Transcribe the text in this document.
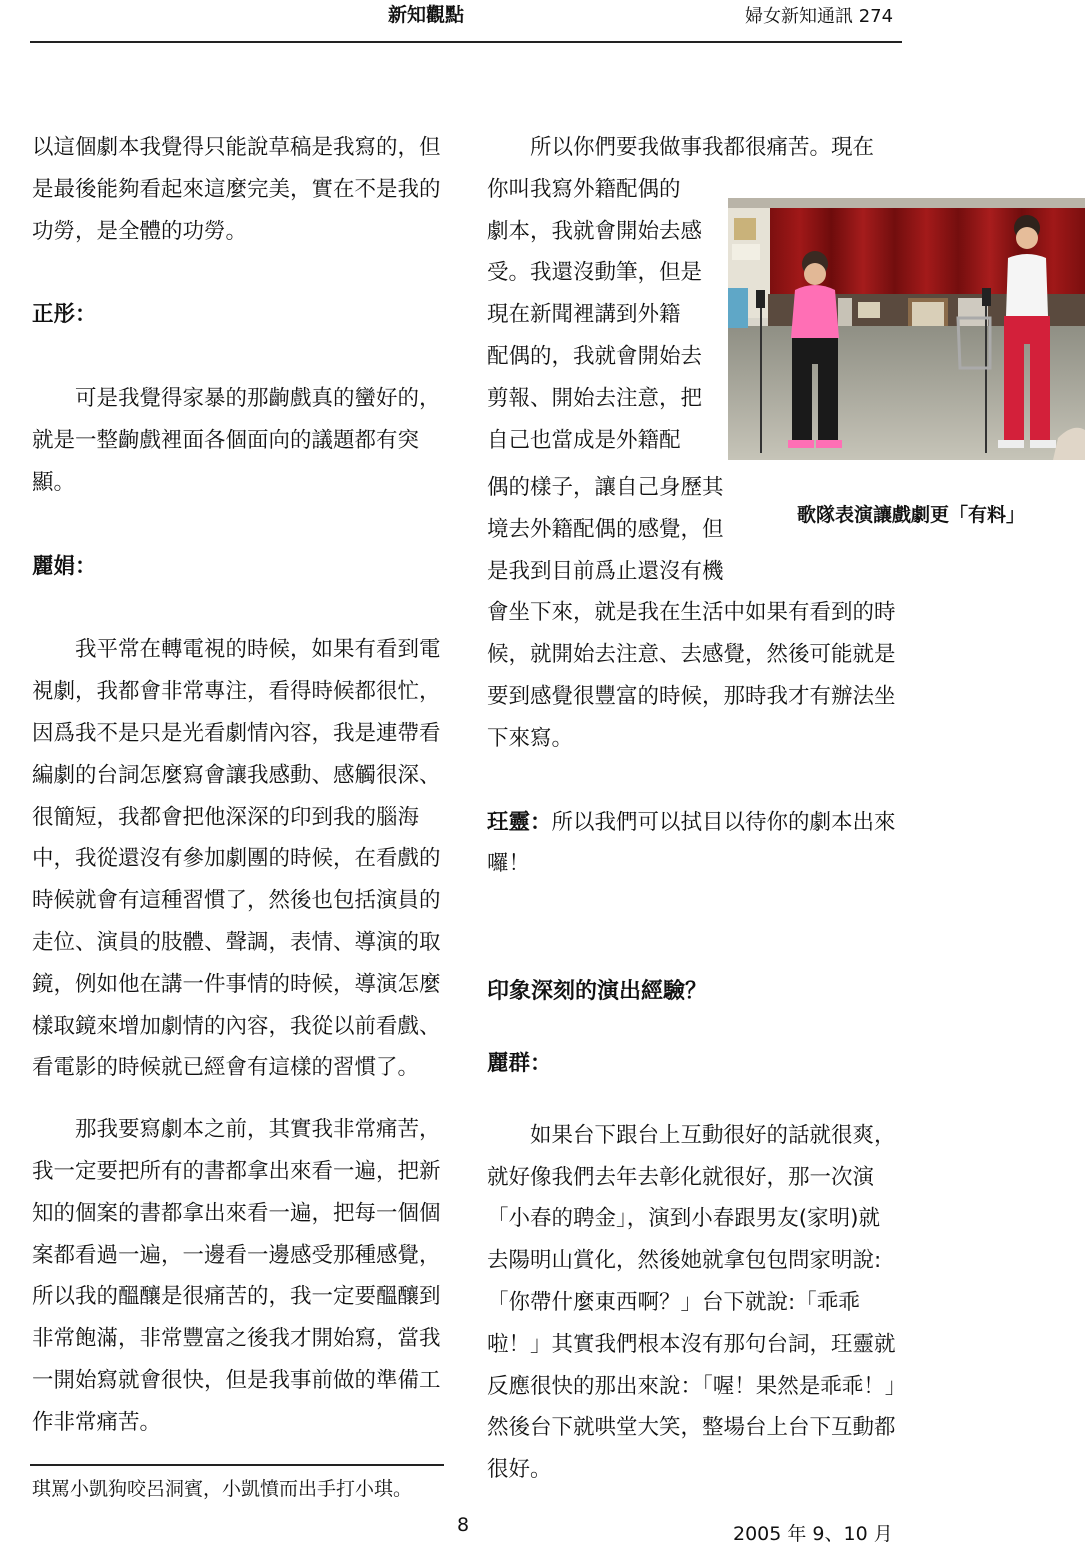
新知觀點	婦女新知通訊 274

以這個劇本我覺得只能說草稿是我寫的，但是最後能夠看起來這麼完美，實在不是我的功勞，是全體的功勞。

正彤：

可是我覺得家暴的那齣戲真的蠻好的，就是一整齣戲裡面各個面向的議題都有突顯。

麗娟：

我平常在轉電視的時候，如果有看到電視劇，我都會非常專注，看得時候都很忙，因爲我不是只是光看劇情內容，我是連帶看編劇的台詞怎麼寫會讓我感動、感觸很深、很簡短，我都會把他深深的印到我的腦海中，我從還沒有參加劇團的時候，在看戲的時候就會有這種習慣了，然後也包括演員的走位、演員的肢體、聲調，表情、導演的取鏡，例如他在講一件事情的時候，導演怎麼樣取鏡來增加劇情的內容，我從以前看戲、看電影的時候就已經會有這樣的習慣了。

那我要寫劇本之前，其實我非常痛苦，我一定要把所有的書都拿出來看一遍，把新知的個案的書都拿出來看一遍，把每一個個案都看過一遍，一邊看一邊感受那種感覺，所以我的醞釀是很痛苦的，我一定要醞釀到非常飽滿，非常豐富之後我才開始寫，當我一開始寫就會很快，但是我事前做的準備工作非常痛苦。

所以你們要我做事我都很痛苦。現在

你叫我寫外籍配偶的

劇本，我就會開始去感

受。我還沒動筆，但是

現在新聞裡講到外籍

配偶的，我就會開始去

剪報、開始去注意，把

自己也當成是外籍配

歌隊表演讓戲劇更「有料」

偶的樣子，讓自己身歷其

境去外籍配偶的感覺，但

是我到目前爲止還沒有機

會坐下來，就是我在生活中如果有看到的時候，就開始去注意、去感覺，然後可能就是要到感覺很豐富的時候，那時我才有辦法坐下來寫。

玨靈：所以我們可以拭目以待你的劇本出來囉！

印象深刻的演出經驗？

麗群：

如果台下跟台上互動很好的話就很爽，就好像我們去年去彰化就很好，那一次演「小春的聘金」，演到小春跟男友(家明)就去陽明山賞化，然後她就拿包包問家明說:「你帶什麼東西啊？」台下就說:「乖乖啦！」其實我們根本沒有那句台詞，玨靈就反應很快的那出來說：「喔！果然是乖乖！」然後台下就哄堂大笑，整場台上台下互動都很好。

琪罵小凱狗咬呂洞賓，小凱憤而出手打小琪。
8	2005 年 9、10 月
